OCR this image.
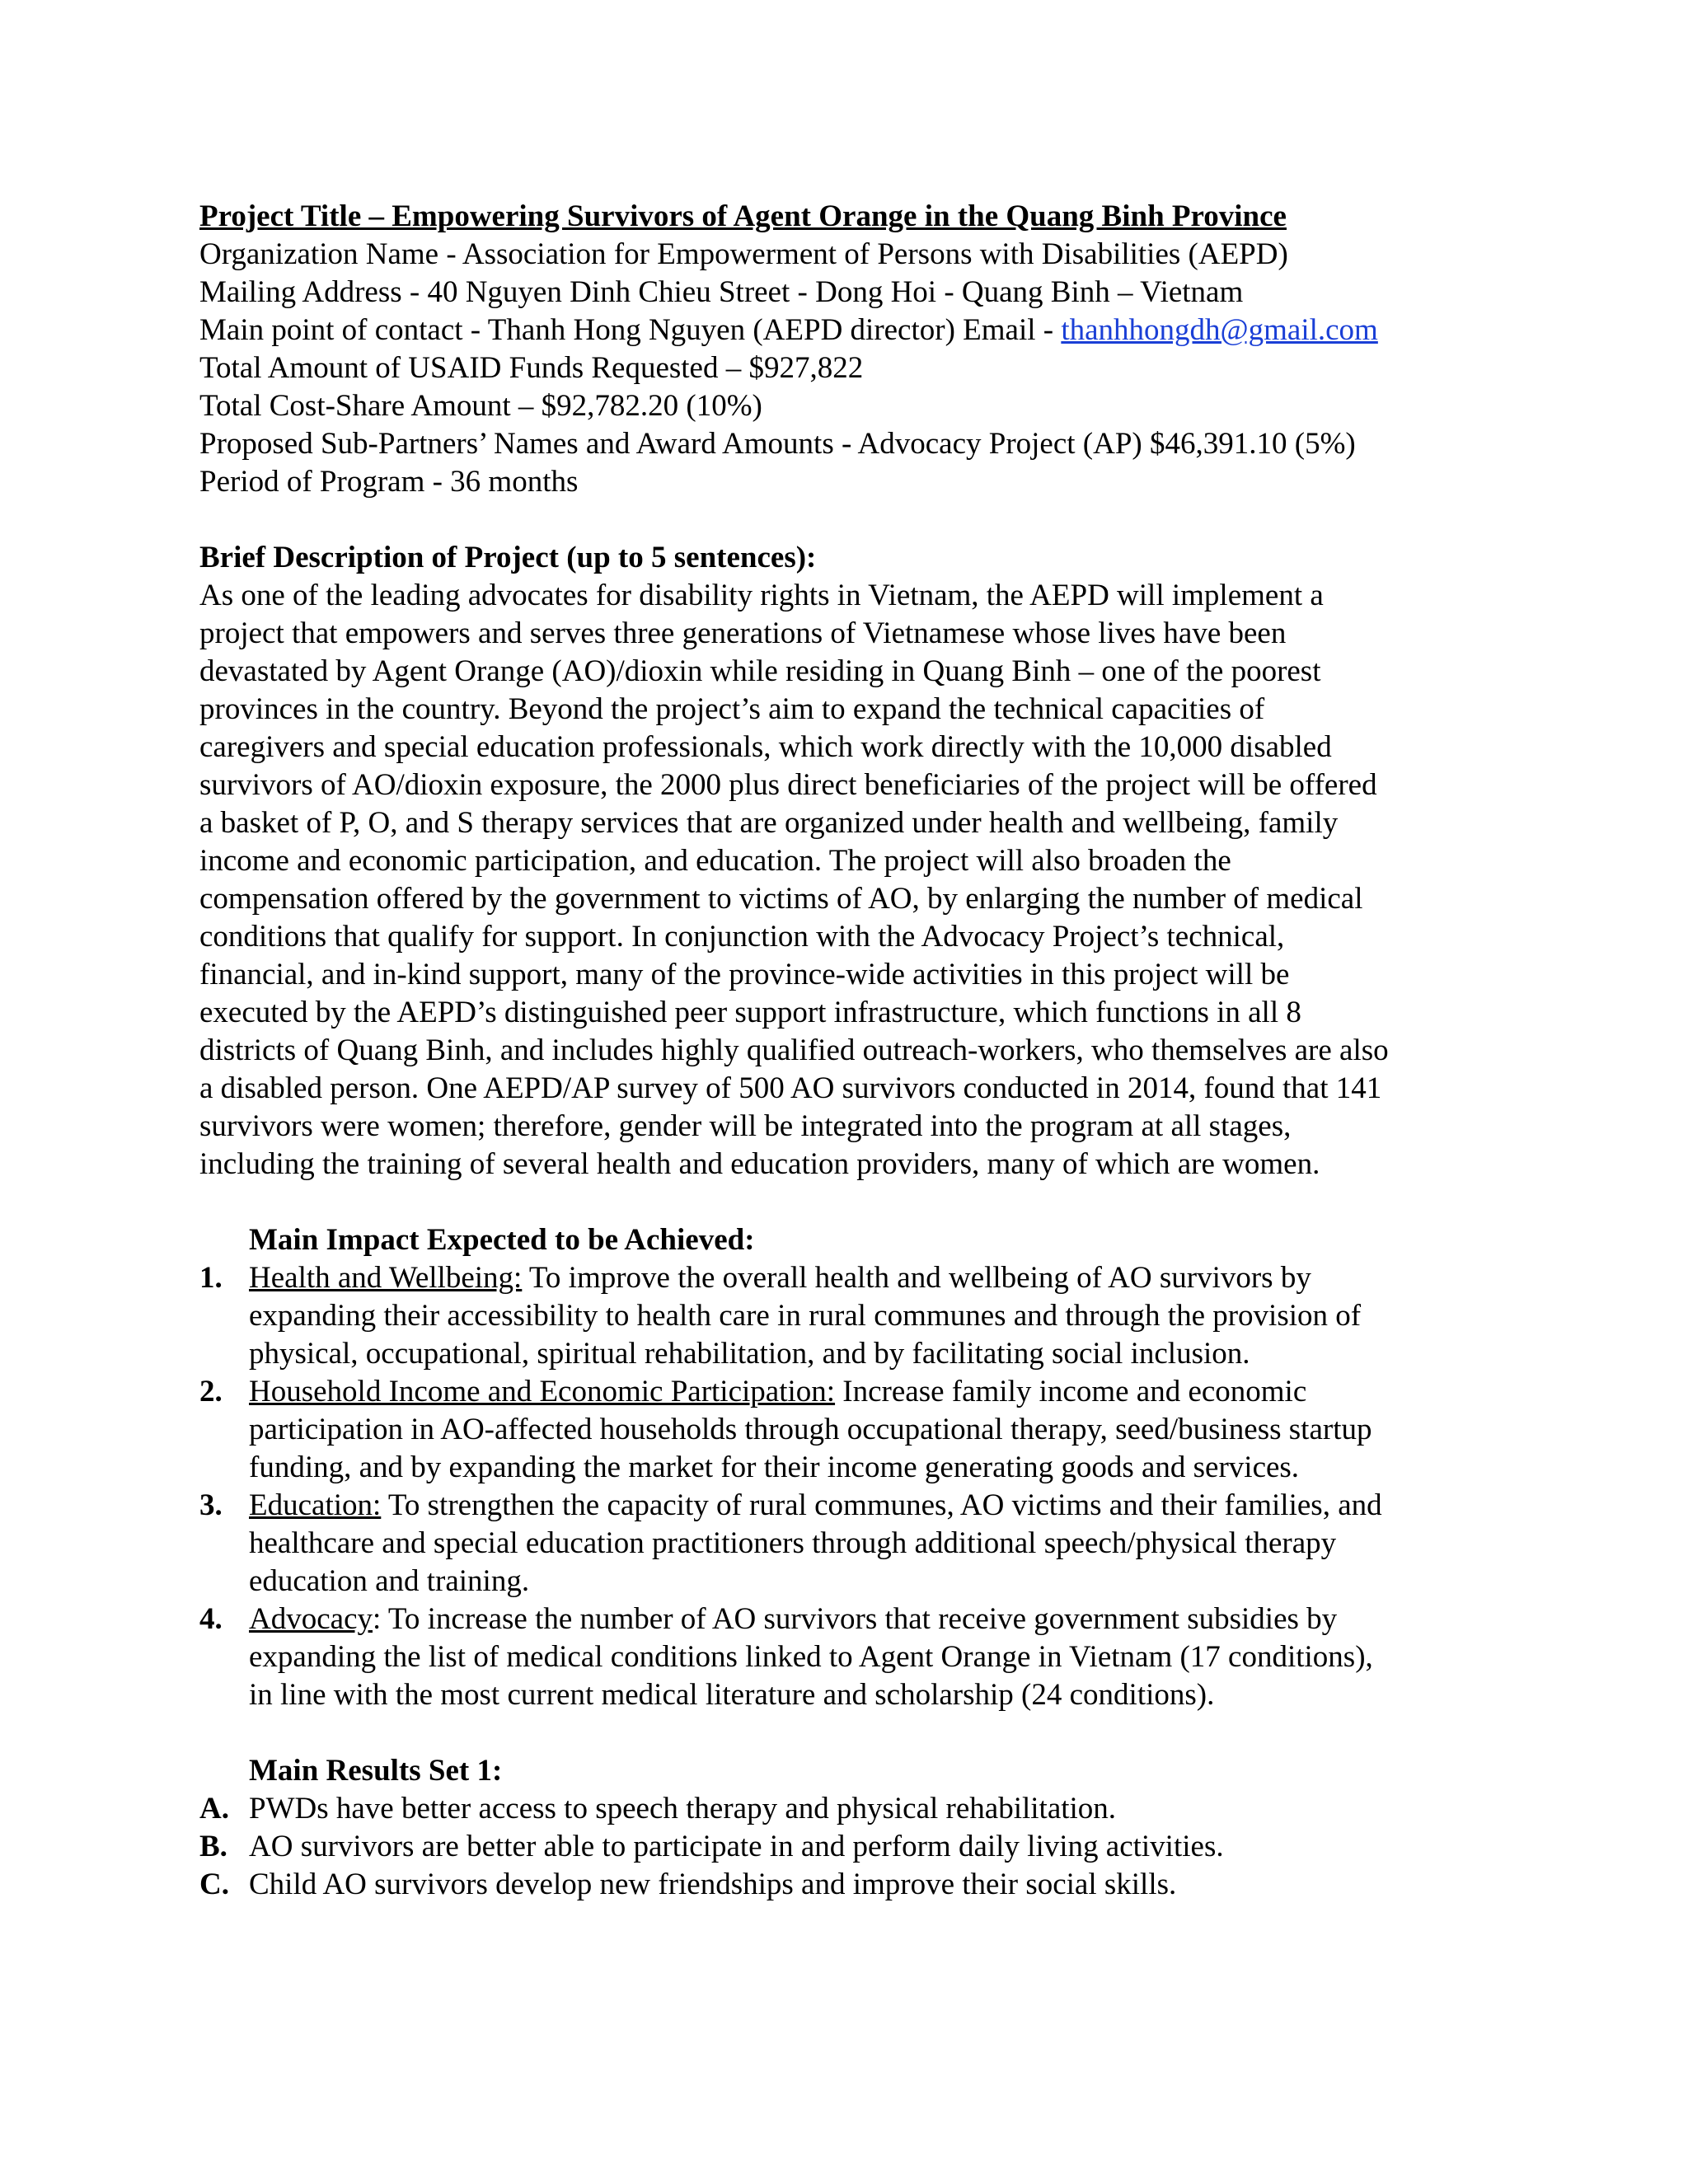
Project Title – Empowering Survivors of Agent Orange in the Quang Binh Province
Organization Name - Association for Empowerment of Persons with Disabilities (AEPD)
Mailing Address - 40 Nguyen Dinh Chieu Street - Dong Hoi - Quang Binh – Vietnam
Main point of contact - Thanh Hong Nguyen (AEPD director) Email - thanhhongdh@gmail.com
Total Amount of USAID Funds Requested – $927,822
Total Cost-Share Amount – $92,782.20 (10%)
Proposed Sub-Partners’ Names and Award Amounts - Advocacy Project (AP) $46,391.10 (5%)
Period of Program - 36 months
Brief Description of Project (up to 5 sentences):
As one of the leading advocates for disability rights in Vietnam, the AEPD will implement a
project that empowers and serves three generations of Vietnamese whose lives have been
devastated by Agent Orange (AO)/dioxin while residing in Quang Binh – one of the poorest
provinces in the country. Beyond the project’s aim to expand the technical capacities of
caregivers and special education professionals, which work directly with the 10,000 disabled
survivors of AO/dioxin exposure, the 2000 plus direct beneficiaries of the project will be offered
a basket of P, O, and S therapy services that are organized under health and wellbeing, family
income and economic participation, and education. The project will also broaden the
compensation offered by the government to victims of AO, by enlarging the number of medical
conditions that qualify for support. In conjunction with the Advocacy Project’s technical,
financial, and in-kind support, many of the province-wide activities in this project will be
executed by the AEPD’s distinguished peer support infrastructure, which functions in all 8
districts of Quang Binh, and includes highly qualified outreach-workers, who themselves are also
a disabled person. One AEPD/AP survey of 500 AO survivors conducted in 2014, found that 141
survivors were women; therefore, gender will be integrated into the program at all stages,
including the training of several health and education providers, many of which are women.
Main Impact Expected to be Achieved:
1. Health and Wellbeing: To improve the overall health and wellbeing of AO survivors by
expanding their accessibility to health care in rural communes and through the provision of
physical, occupational, spiritual rehabilitation, and by facilitating social inclusion.
2. Household Income and Economic Participation: Increase family income and economic
participation in AO-affected households through occupational therapy, seed/business startup
funding, and by expanding the market for their income generating goods and services.
3. Education: To strengthen the capacity of rural communes, AO victims and their families, and
healthcare and special education practitioners through additional speech/physical therapy
education and training.
4. Advocacy: To increase the number of AO survivors that receive government subsidies by
expanding the list of medical conditions linked to Agent Orange in Vietnam (17 conditions),
in line with the most current medical literature and scholarship (24 conditions).
Main Results Set 1:
A. PWDs have better access to speech therapy and physical rehabilitation.
B. AO survivors are better able to participate in and perform daily living activities.
C. Child AO survivors develop new friendships and improve their social skills.
